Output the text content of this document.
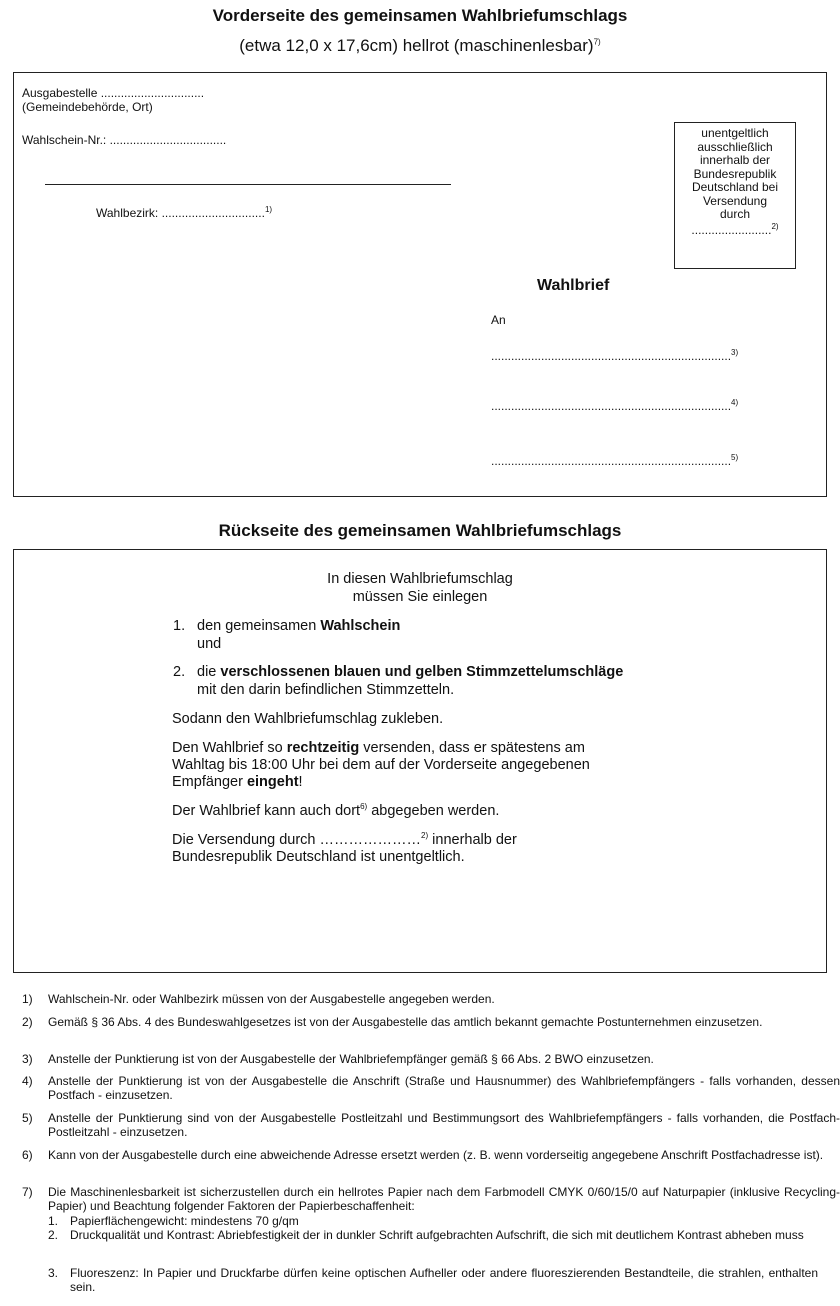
Vorderseite des gemeinsamen Wahlbriefumschlags
(etwa 12,0 x 17,6cm) hellrot (maschinenlesbar)$^{7)}$
Ausgabestelle ...............................
(Gemeindebehörde, Ort)
Wahlschein-Nr.: ...................................
Wahlbezirk: ...............................$^{1)}$
unentgeltlich
ausschließlich
innerhalb der
Bundesrepublik
Deutschland bei
Versendung
durch
........................$^{2)}$
Wahlbrief
An
........................................................................$^{3)}$
........................................................................$^{4)}$
........................................................................$^{5)}$
Rückseite des gemeinsamen Wahlbriefumschlags
In diesen Wahlbriefumschlag
müssen Sie einlegen
1. den gemeinsamen Wahlschein
und
2. die verschlossenen blauen und gelben Stimmzettelumschläge
mit den darin befindlichen Stimmzetteln.
Sodann den Wahlbriefumschlag zukleben.
Den Wahlbrief so rechtzeitig versenden, dass er spätestens am
Wahltag bis 18:00 Uhr bei dem auf der Vorderseite angegebenen
Empfänger eingeht!
Der Wahlbrief kann auch dort$^{6)}$ abgegeben werden.
Die Versendung durch …………………$^{2)}$ innerhalb der
Bundesrepublik Deutschland ist unentgeltlich.
1) Wahlschein-Nr. oder Wahlbezirk müssen von der Ausgabestelle angegeben werden.
2) Gemäß § 36 Abs. 4 des Bundeswahlgesetzes ist von der Ausgabestelle das amtlich bekannt gemachte Postunternehmen einzusetzen.
3) Anstelle der Punktierung ist von der Ausgabestelle der Wahlbriefempfänger gemäß § 66 Abs. 2 BWO einzusetzen.
4) Anstelle der Punktierung ist von der Ausgabestelle die Anschrift (Straße und Hausnummer) des Wahlbriefempfängers - falls vorhanden, dessen Postfach - einzusetzen.
5) Anstelle der Punktierung sind von der Ausgabestelle Postleitzahl und Bestimmungsort des Wahlbriefempfängers - falls vorhanden, die Postfach-Postleitzahl - einzusetzen.
6) Kann von der Ausgabestelle durch eine abweichende Adresse ersetzt werden (z. B. wenn vorderseitig angegebene Anschrift Postfachadresse ist).
7) Die Maschinenlesbarkeit ist sicherzustellen durch ein hellrotes Papier nach dem Farbmodell CMYK 0/60/15/0 auf Naturpapier (inklusive Recycling-Papier) und Beachtung folgender Faktoren der Papierbeschaffenheit:
1. Papierflächengewicht: mindestens 70 g/qm
2. Druckqualität und Kontrast: Abriebfestigkeit der in dunkler Schrift aufgebrachten Aufschrift, die sich mit deutlichem Kontrast abheben muss
3. Fluoreszenz: In Papier und Druckfarbe dürfen keine optischen Aufheller oder andere fluoreszierenden Bestandteile, die strahlen, enthalten sein.
